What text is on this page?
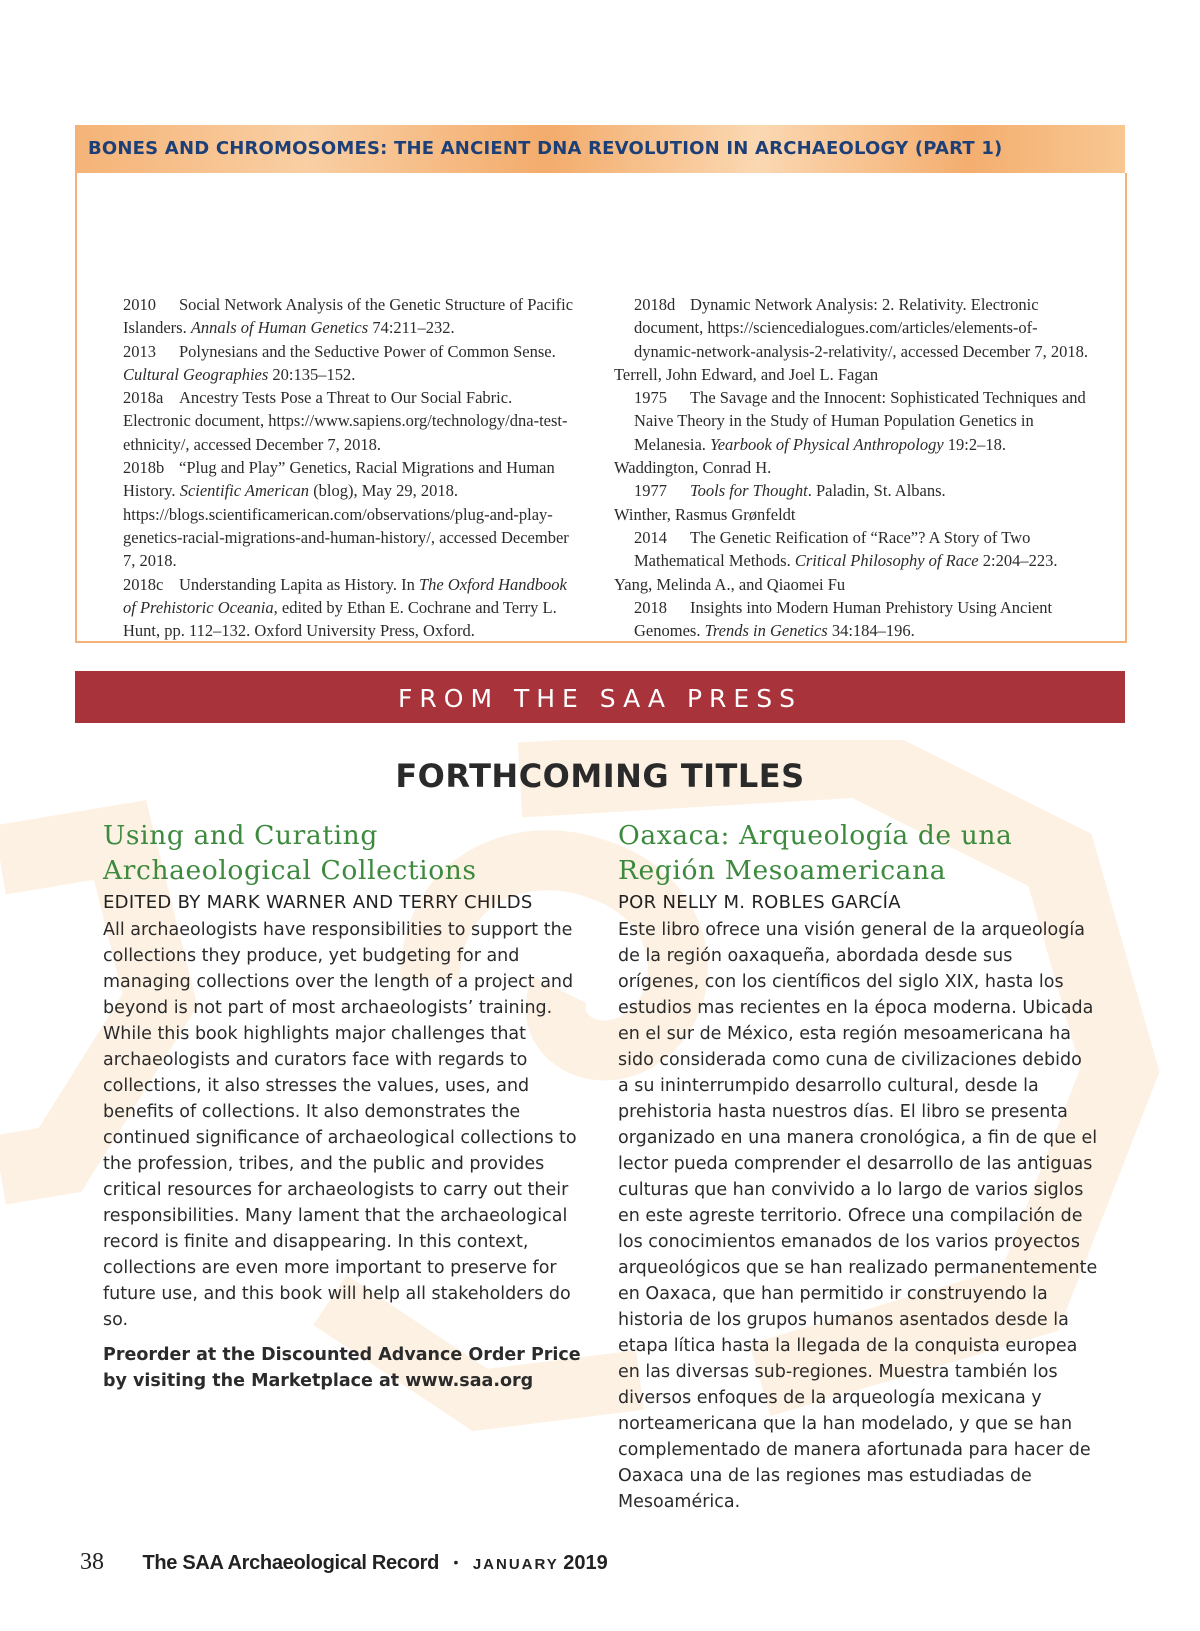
BONES AND CHROMOSOMES: THE ANCIENT DNA REVOLUTION IN ARCHAEOLOGY (PART 1)

2010 Social Network Analysis of the Genetic Structure of Pacific Islanders. Annals of Human Genetics 74:211–232.

2013 Polynesians and the Seductive Power of Common Sense. Cultural Geographies 20:135–152.

2018a Ancestry Tests Pose a Threat to Our Social Fabric. Electronic document, https://www.sapiens.org/technology/dna-test-ethnicity/, accessed December 7, 2018.

2018b “Plug and Play” Genetics, Racial Migrations and Human History. Scientific American (blog), May 29, 2018. https://blogs.scientificamerican.com/observations/plug-and-play-genetics-racial-migrations-and-human-history/, accessed December 7, 2018.

2018c Understanding Lapita as History. In The Oxford Handbook of Prehistoric Oceania, edited by Ethan E. Cochrane and Terry L. Hunt, pp. 112–132. Oxford University Press, Oxford.

2018d Dynamic Network Analysis: 2. Relativity. Electronic document, https://sciencedialogues.com/articles/elements-of-dynamic-network-analysis-2-relativity/, accessed December 7, 2018.

Terrell, John Edward, and Joel L. Fagan

1975 The Savage and the Innocent: Sophisticated Techniques and Naive Theory in the Study of Human Population Genetics in Melanesia. Yearbook of Physical Anthropology 19:2–18.

Waddington, Conrad H.

1977 Tools for Thought. Paladin, St. Albans.

Winther, Rasmus Grønfeldt

2014 The Genetic Reification of “Race”? A Story of Two Mathematical Methods. Critical Philosophy of Race 2:204–223.

Yang, Melinda A., and Qiaomei Fu

2018 Insights into Modern Human Prehistory Using Ancient Genomes. Trends in Genetics 34:184–196.

FROM THE SAA PRESS
FORTHCOMING TITLES

Using and Curating
Archaeological Collections

EDITED BY MARK WARNER AND TERRY CHILDS

All archaeologists have responsibilities to support the collections they produce, yet budgeting for and managing collections over the length of a project and beyond is not part of most archaeologists’ training. While this book highlights major challenges that archaeologists and curators face with regards to collections, it also stresses the values, uses, and benefits of collections. It also demonstrates the continued significance of archaeological collections to the profession, tribes, and the public and provides critical resources for archaeologists to carry out their responsibilities. Many lament that the archaeological record is finite and disappearing. In this context, collections are even more important to preserve for future use, and this book will help all stakeholders do so.

Preorder at the Discounted Advance Order Price by visiting the Marketplace at www.saa.org

Oaxaca: Arqueología de una
Región Mesoamericana

POR NELLY M. ROBLES GARCÍA

Este libro ofrece una visión general de la arqueología de la región oaxaqueña, abordada desde sus orígenes, con los científicos del siglo XIX, hasta los estudios mas recientes en la época moderna. Ubicada en el sur de México, esta región mesoamericana ha sido considerada como cuna de civilizaciones debido a su ininterrumpido desarrollo cultural, desde la prehistoria hasta nuestros días. El libro se presenta organizado en una manera cronológica, a fin de que el lector pueda comprender el desarrollo de las antiguas culturas que han convivido a lo largo de varios siglos en este agreste territorio. Ofrece una compilación de los conocimientos emanados de los varios proyectos arqueológicos que se han realizado permanentemente en Oaxaca, que han permitido ir construyendo la historia de los grupos humanos asentados desde la etapa lítica hasta la llegada de la conquista europea en las diversas sub-regiones. Muestra también los diversos enfoques de la arqueología mexicana y norteamericana que la han modelado, y que se han complementado de manera afortunada para hacer de Oaxaca una de las regiones mas estudiadas de Mesoamérica.

38 The SAA Archaeological Record • JANUARY 2019
